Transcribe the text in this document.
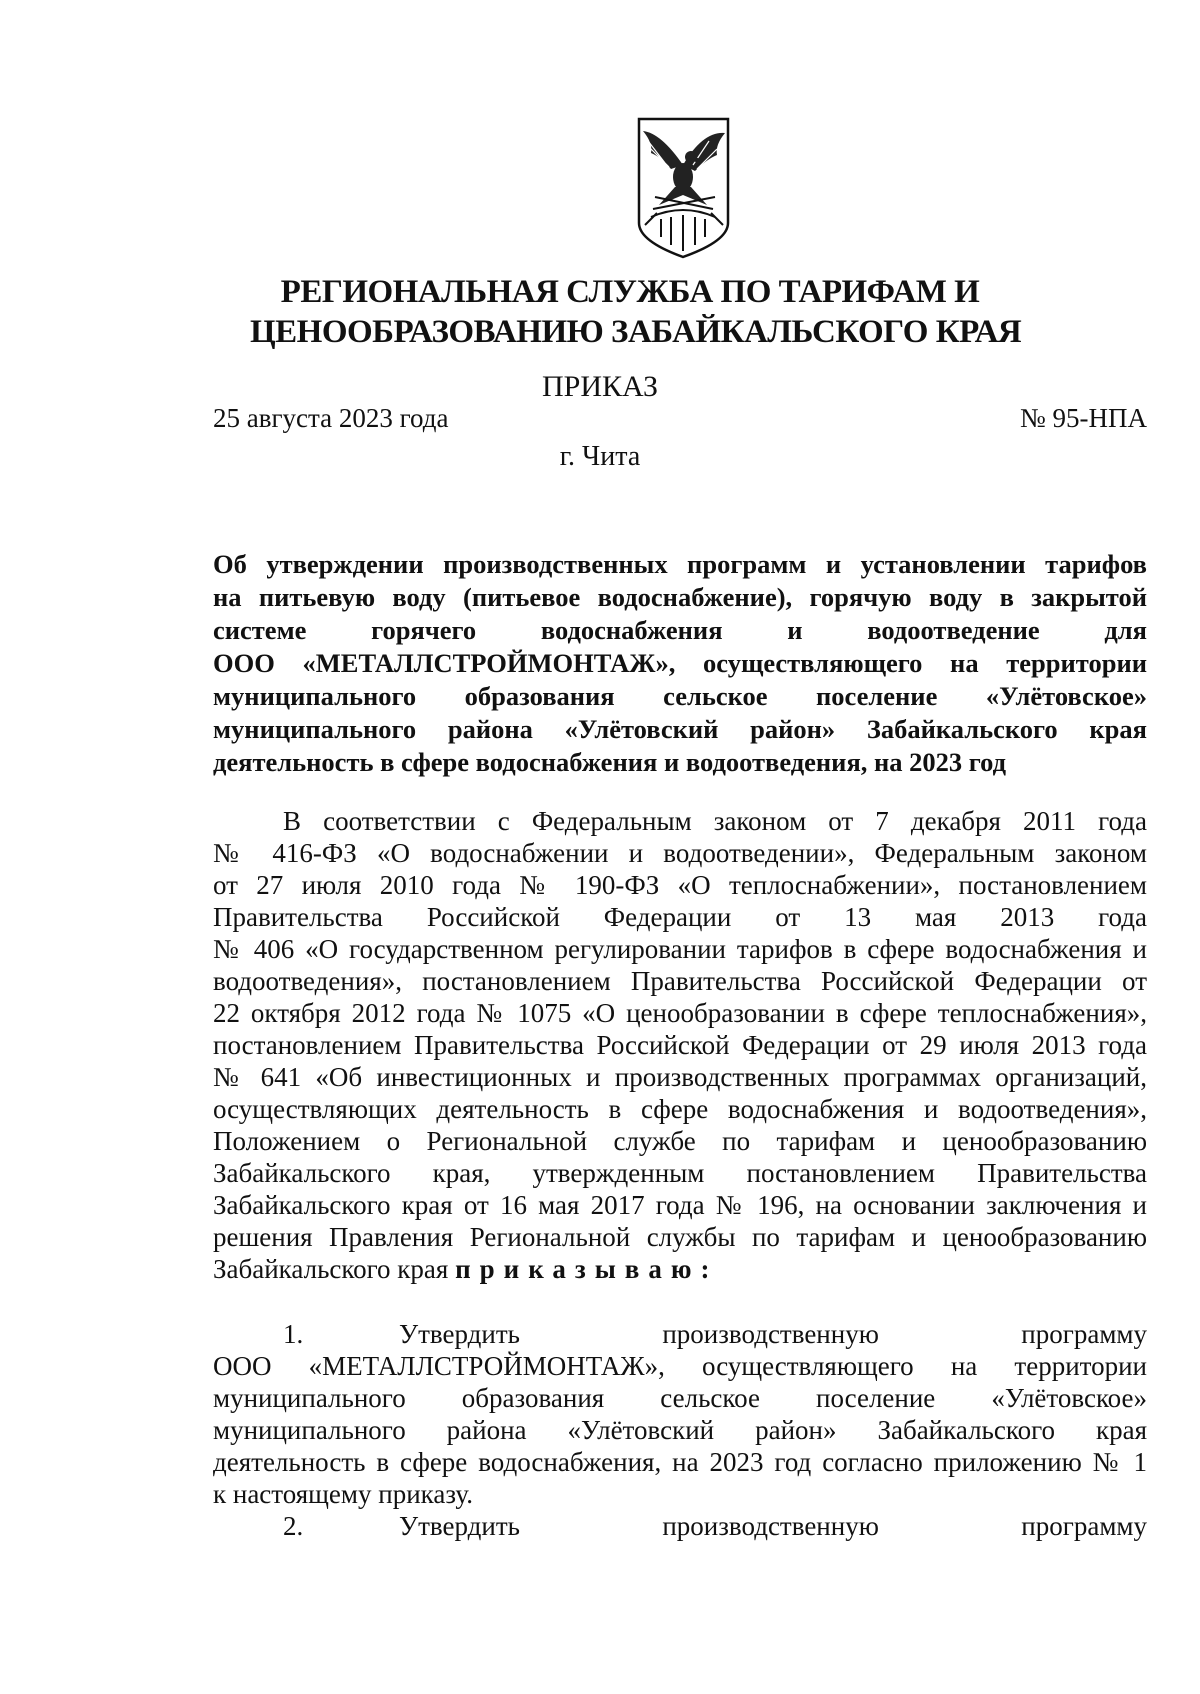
РЕГИОНАЛЬНАЯ СЛУЖБА ПО ТАРИФАМ И
ЦЕНООБРАЗОВАНИЮ ЗАБАЙКАЛЬСКОГО КРАЯ
ПРИКАЗ
25 августа 2023 года	№ 95-НПА
г. Чита
Об утверждении производственных программ и установлении тарифов
на питьевую воду (питьевое водоснабжение), горячую воду в закрытой
системе горячего водоснабжения и водоотведение для
ООО «МЕТАЛЛСТРОЙМОНТАЖ», осуществляющего на территории
муниципального образования сельское поселение «Улётовское»
муниципального района «Улётовский район» Забайкальского края
деятельность в сфере водоснабжения и водоотведения, на 2023 год
В соответствии с Федеральным законом от 7 декабря 2011 года
№ 416-ФЗ «О водоснабжении и водоотведении», Федеральным законом
от 27 июля 2010 года № 190-ФЗ «О теплоснабжении», постановлением
Правительства Российской Федерации от 13 мая 2013 года
№ 406 «О государственном регулировании тарифов в сфере водоснабжения и
водоотведения», постановлением Правительства Российской Федерации от
22 октября 2012 года № 1075 «О ценообразовании в сфере теплоснабжения»,
постановлением Правительства Российской Федерации от 29 июля 2013 года
№ 641 «Об инвестиционных и производственных программах организаций,
осуществляющих деятельность в сфере водоснабжения и водоотведения»,
Положением о Региональной службе по тарифам и ценообразованию
Забайкальского края, утвержденным постановлением Правительства
Забайкальского края от 16 мая 2017 года № 196, на основании заключения и
решения Правления Региональной службы по тарифам и ценообразованию
Забайкальского края приказываю:
1.	Утвердить производственную программу
ООО «МЕТАЛЛСТРОЙМОНТАЖ», осуществляющего на территории
муниципального образования сельское поселение «Улётовское»
муниципального района «Улётовский район» Забайкальского края
деятельность в сфере водоснабжения, на 2023 год согласно приложению № 1
к настоящему приказу.
2.	Утвердить производственную программу
